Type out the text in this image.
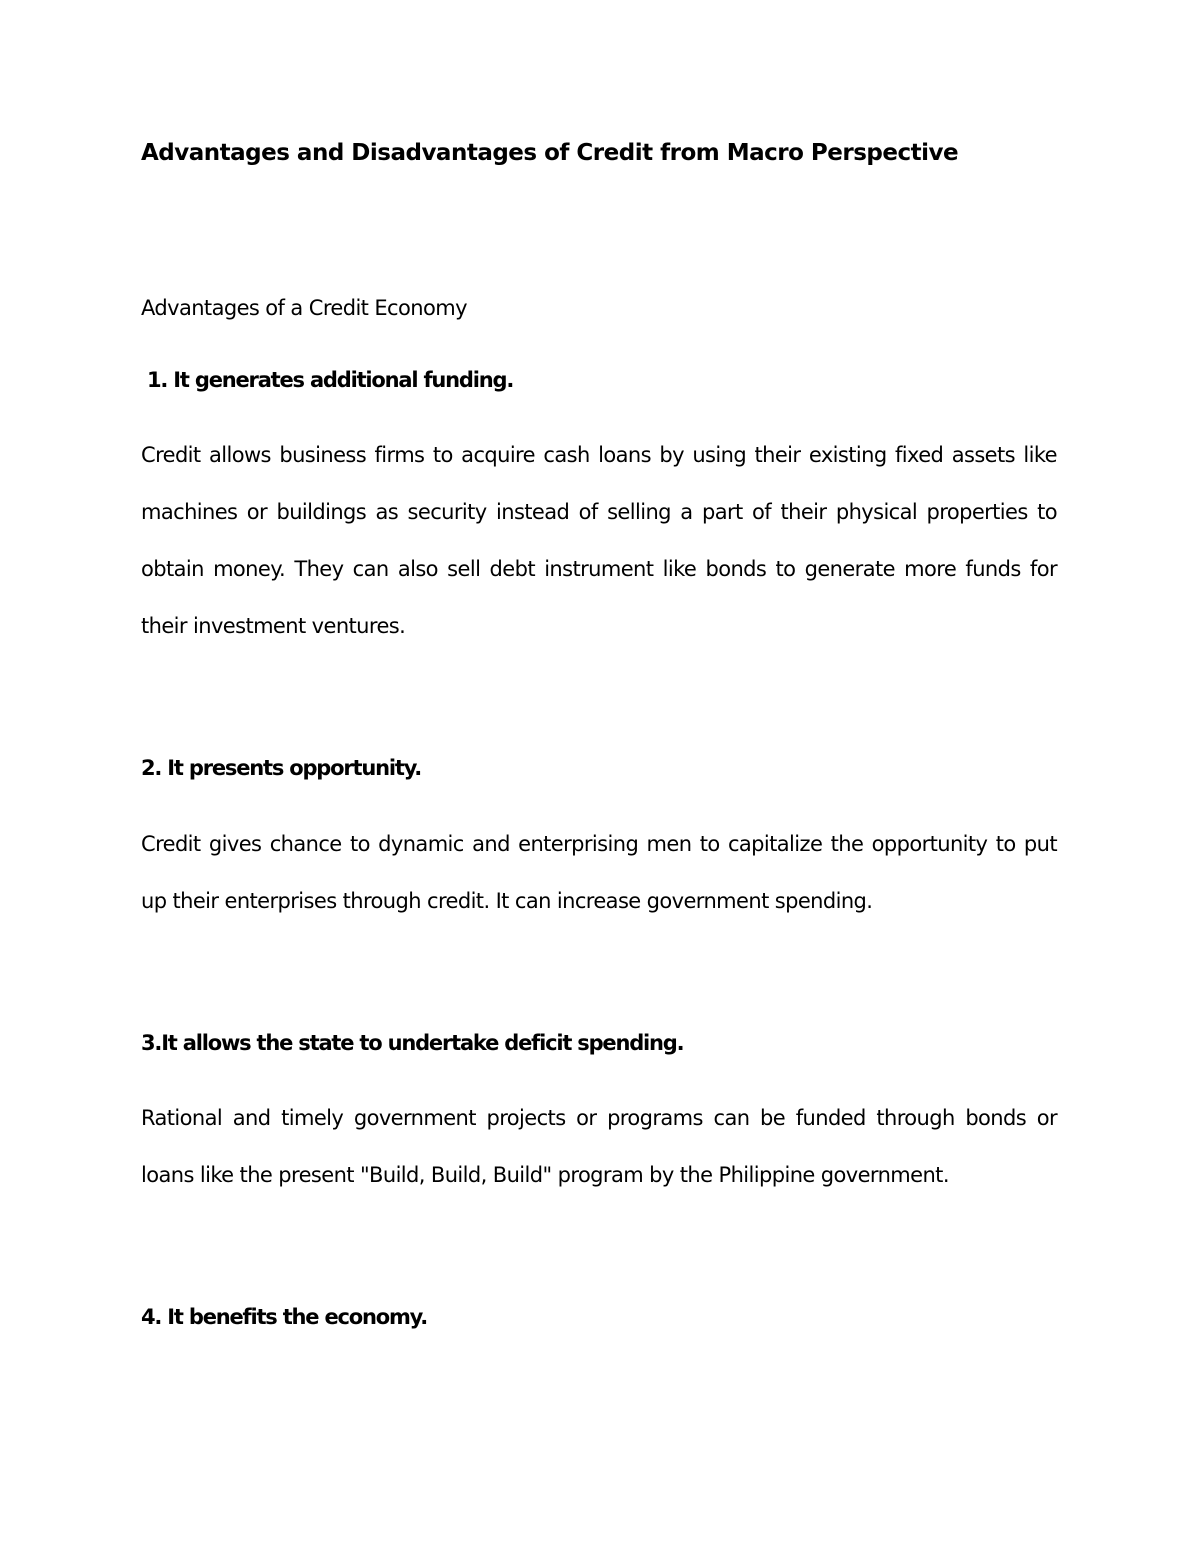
Advantages and Disadvantages of Credit from Macro Perspective

Advantages of a Credit Economy

1. It generates additional funding.

Credit allows business firms to acquire cash loans by using their existing fixed assets like machines or buildings as security instead of selling a part of their physical properties to obtain money. They can also sell debt instrument like bonds to generate more funds for their investment ventures.

2. It presents opportunity.

Credit gives chance to dynamic and enterprising men to capitalize the opportunity to put up their enterprises through credit. It can increase government spending.

3.It allows the state to undertake deficit spending.

Rational and timely government projects or programs can be funded through bonds or loans like the present "Build, Build, Build" program by the Philippine government.

4. It benefits the economy.
